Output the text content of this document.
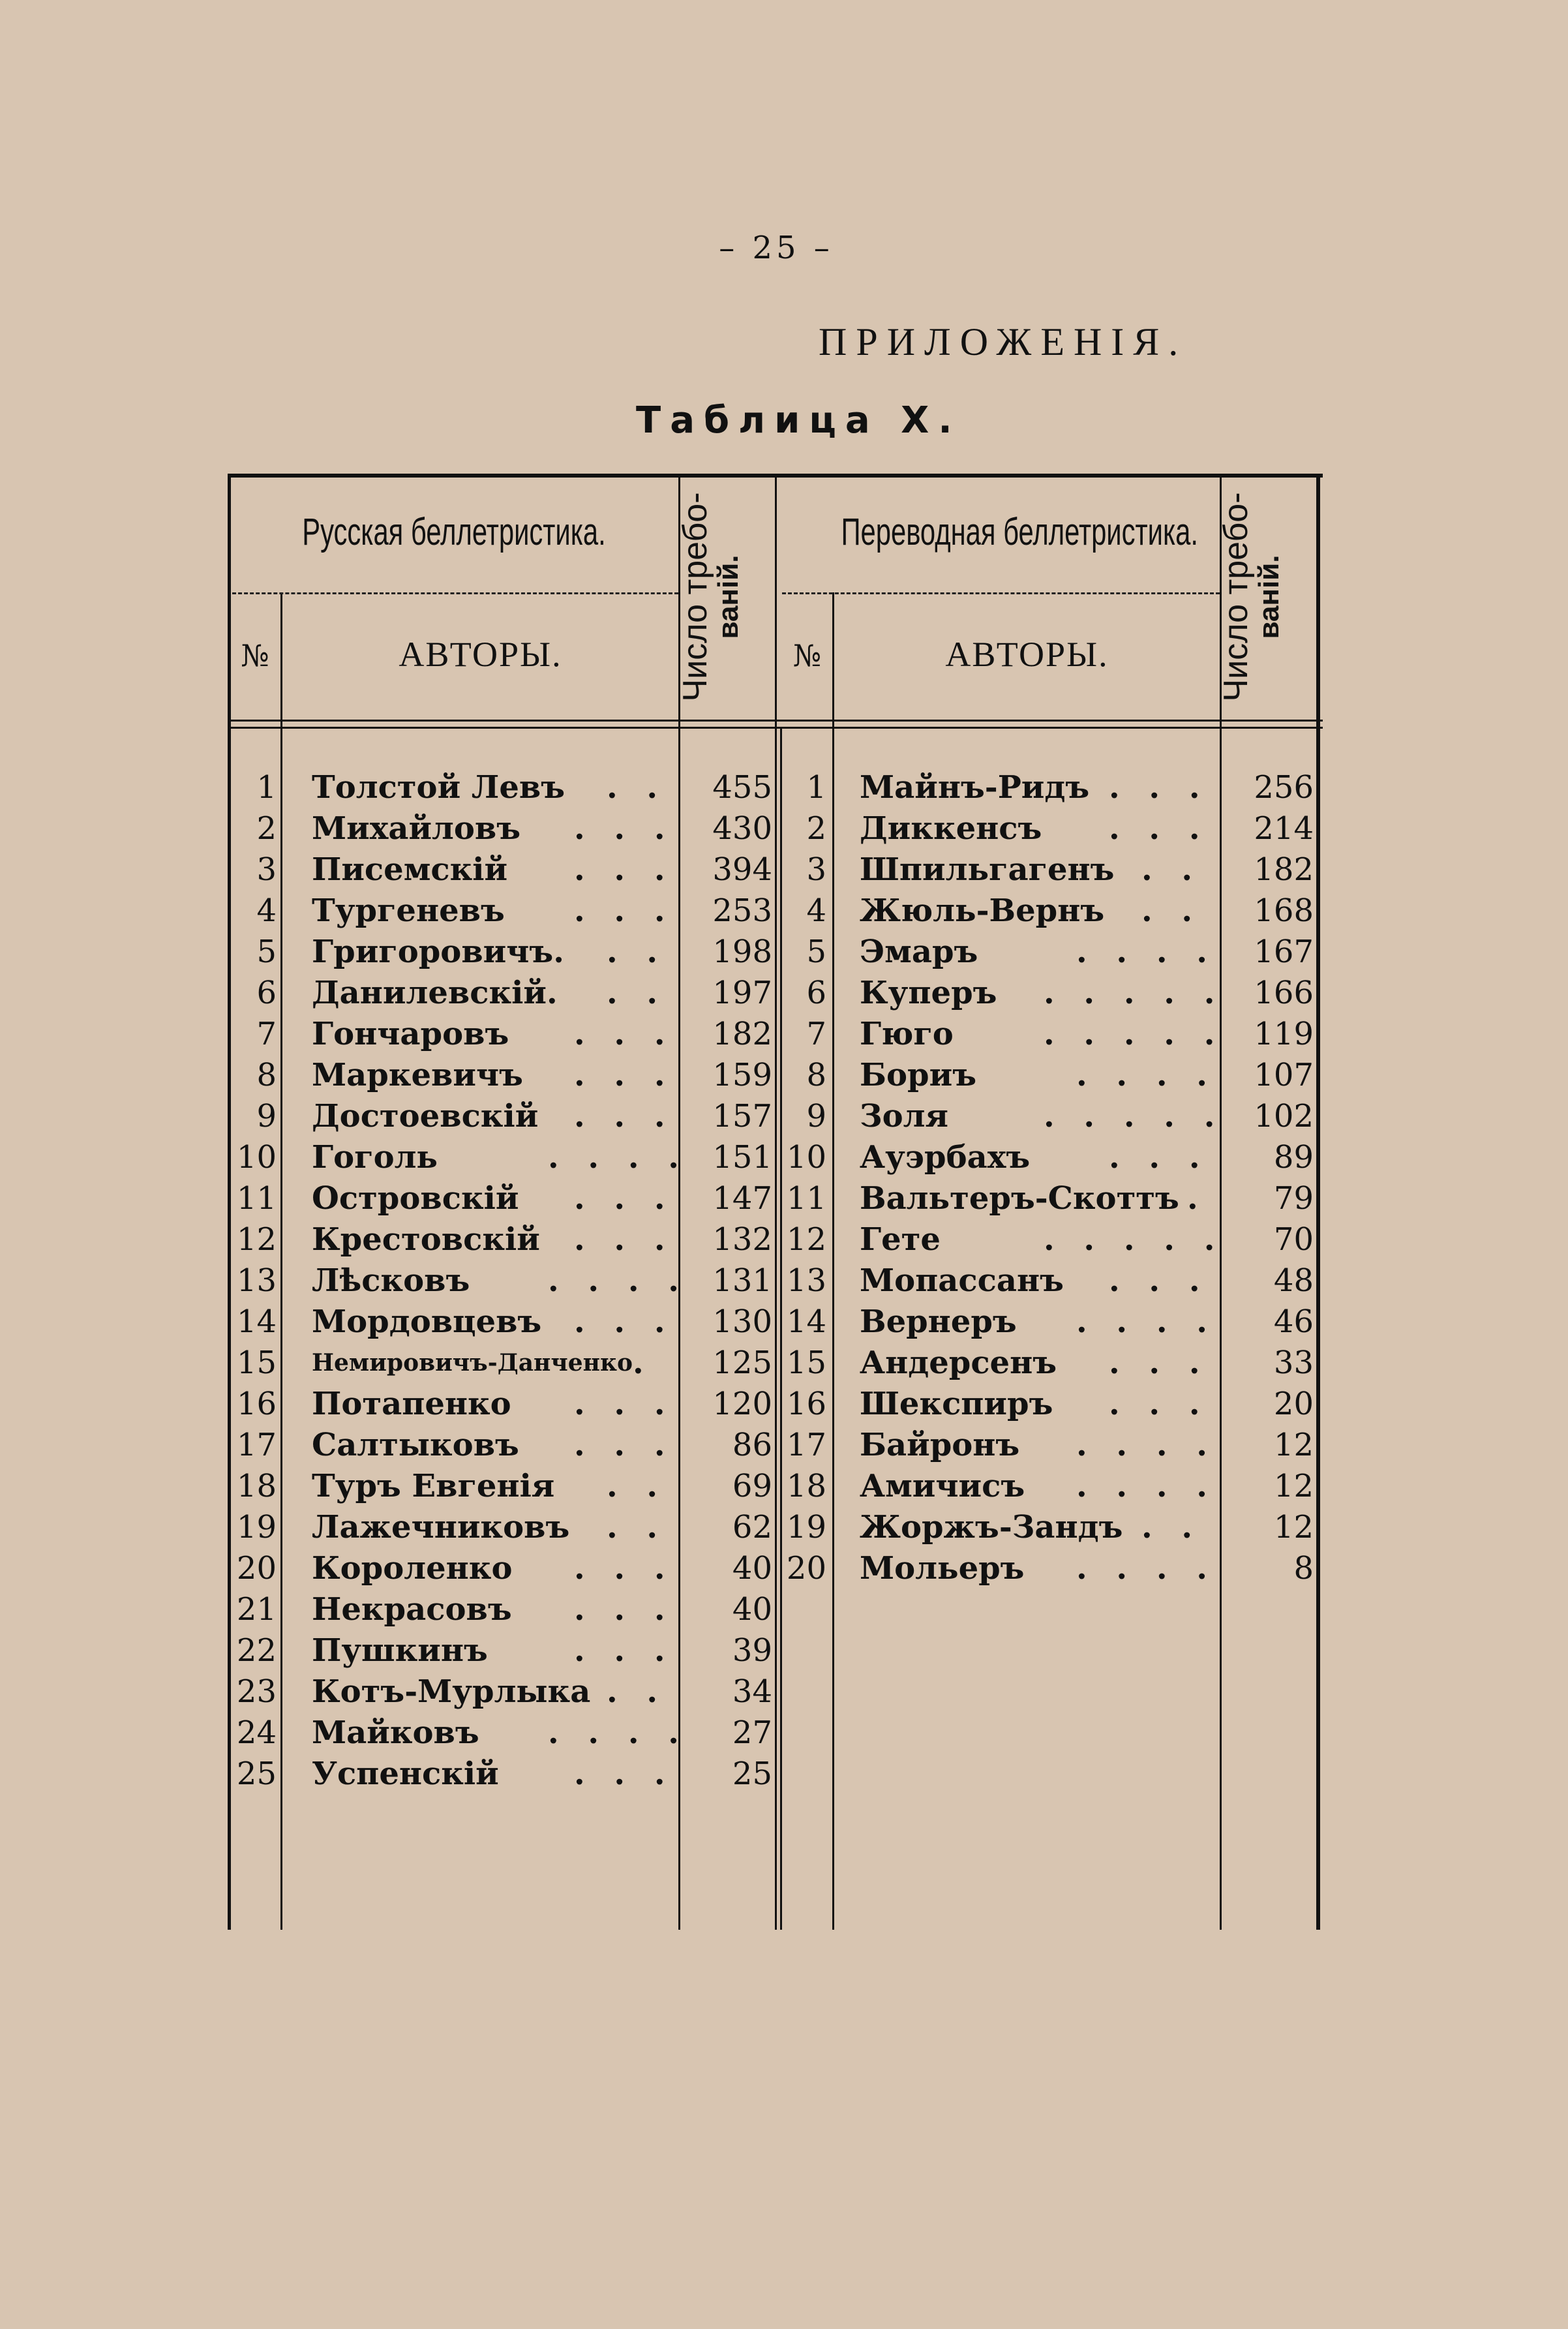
– 25 –
ПРИЛОЖЕНІЯ.
Таблица X.
Русская беллетристика.	Переводная беллетристика.
№	АВТОРЫ.	№	АВТОРЫ.
Число требо-
ваній.	Число требо-
ваній.
1 Толстой Левъ . .	455
2 Михайловъ . . .	430
3 Писемскій . . .	394
4 Тургеневъ . . .	253
5 Григоровичъ. . .	198
6 Данилевскій. . .	197
7 Гончаровъ . . .	182
8 Маркевичъ . . .	159
9 Достоевскій . . .	157
10 Гоголь	. . . . 151
11 Островскій . . .	147
12 Крестовскій . . .	132
13 Лѣсковъ . . . . 131
14 Мордовцевъ . . .	130
15 Немировичъ-Данченко .	125
16 Потапенко . . .	120
17 Салтыковъ . . .	86
18 Туръ Евгенія . .	69
19 Лажечниковъ . .	62
20 Короленко . . .	40
21 Некрасовъ . . .	40
22 Пушкинъ	. . .	39
23 Котъ-Мурлыка . .	34
24 Майковъ . . . .	27
25 Успенскій . . .	25
1 Майнъ-Ридъ . . .	256
2 Диккенсъ . . .	214
3 Шпильгагенъ . .	182
4 Жюль-Вернъ . .	168
5 Эмаръ	. . . .	167
6 Куперъ . . . . . 166
7 Гюго	. . . . . 119
8 Бориъ	. . . .	107
9 Золя	. . . . . 102
10 Ауэрбахъ	. . .	89
11 Вальтеръ-Скоттъ .	79
12 Гете	. . . . .	70
13 Мопассанъ . . .	48
14 Вернеръ . . . .	46
15 Андерсенъ . . .	33
16 Шекспиръ . . .	20
17 Байронъ . . . .	12
18 Амичисъ . . . .	12
19 Жоржъ-Зандъ . .	12
20 Мольеръ . . . .	8
